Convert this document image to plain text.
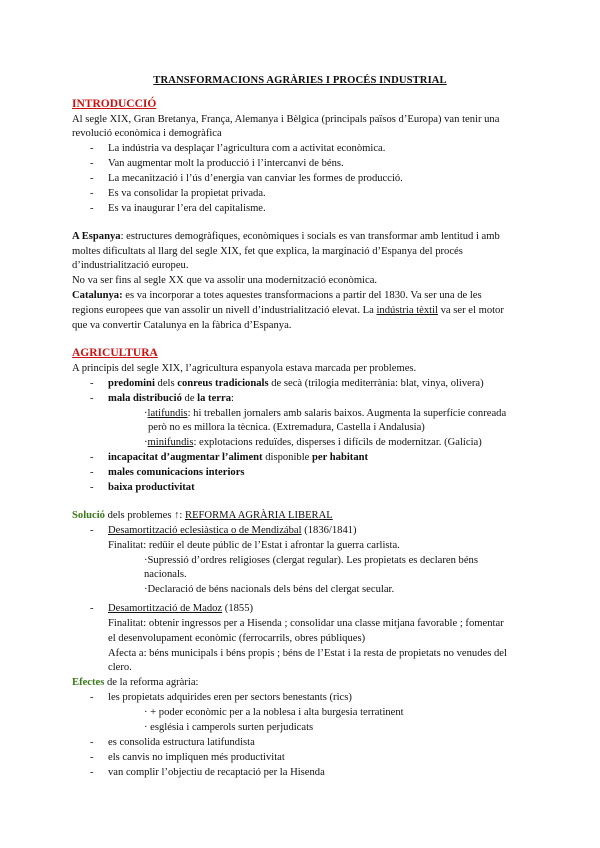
TRANSFORMACIONS AGRÀRIES I PROCÉS INDUSTRIAL
INTRODUCCIÓ
Al segle XIX, Gran Bretanya, França, Alemanya i Bèlgica (principals països d’Europa) van tenir una
revolució econòmica i demogràfica
- La indústria va desplaçar l’agricultura com a activitat econòmica.
- Van augmentar molt la producció i l’intercanvi de béns.
- La mecanització i l’ús d’energia van canviar les formes de producció.
- Es va consolidar la propietat privada.
- Es va inaugurar l’era del capitalisme.
A Espanya: estructures demogràfiques, econòmiques i socials es van transformar amb lentitud i amb
moltes dificultats al llarg del segle XIX, fet que explica, la marginació d’Espanya del procés
d’industrialització europeu.
No va ser fins al segle XX que va assolir una modernització econòmica.
Catalunya: es va incorporar a totes aquestes transformacions a partir del 1830. Va ser una de les
regions europees que van assolir un nivell d’industrialització elevat. La indústria tèxtil va ser el motor
que va convertir Catalunya en la fàbrica d’Espanya.
AGRICULTURA
A principis del segle XIX, l’agricultura espanyola estava marcada per problemes.
- predomini dels conreus tradicionals de secà (trilogia mediterrània: blat, vinya, olivera)
- mala distribució de la terra:
·latifundis: hi treballen jornalers amb salaris baixos. Augmenta la superfície conreada
però no es millora la tècnica. (Extremadura, Castella i Andalusia)
·minifundis: explotacions reduïdes, disperses i difícils de modernitzar. (Galícia)
- incapacitat d’augmentar l’aliment disponible per habitant
- males comunicacions interiors
- baixa productivitat
Solució dels problemes ↑: REFORMA AGRÀRIA LIBERAL
- Desamortització eclesiàstica o de Mendizábal (1836/1841)
Finalitat: redüir el deute públic de l’Estat i afrontar la guerra carlista.
·Supressió d’ordres religioses (clergat regular). Les propietats es declaren béns
nacionals.
·Declaració de béns nacionals dels béns del clergat secular.
- Desamortització de Madoz (1855)
Finalitat: obtenir ingressos per a Hisenda ; consolidar una classe mitjana favorable ; fomentar
el desenvolupament econòmic (ferrocarrils, obres públiques)
Afecta a: béns municipals i béns propis ; béns de l’Estat i la resta de propietats no venudes del
clero.
Efectes de la reforma agrària:
- les propietats adquirides eren per sectors benestants (rics)
· + poder econòmic per a la noblesa i alta burgesia terratinent
· església i camperols surten perjudicats
- es consolida estructura latifundista
- els canvis no impliquen més productivitat
- van complir l’objectiu de recaptació per la Hisenda
